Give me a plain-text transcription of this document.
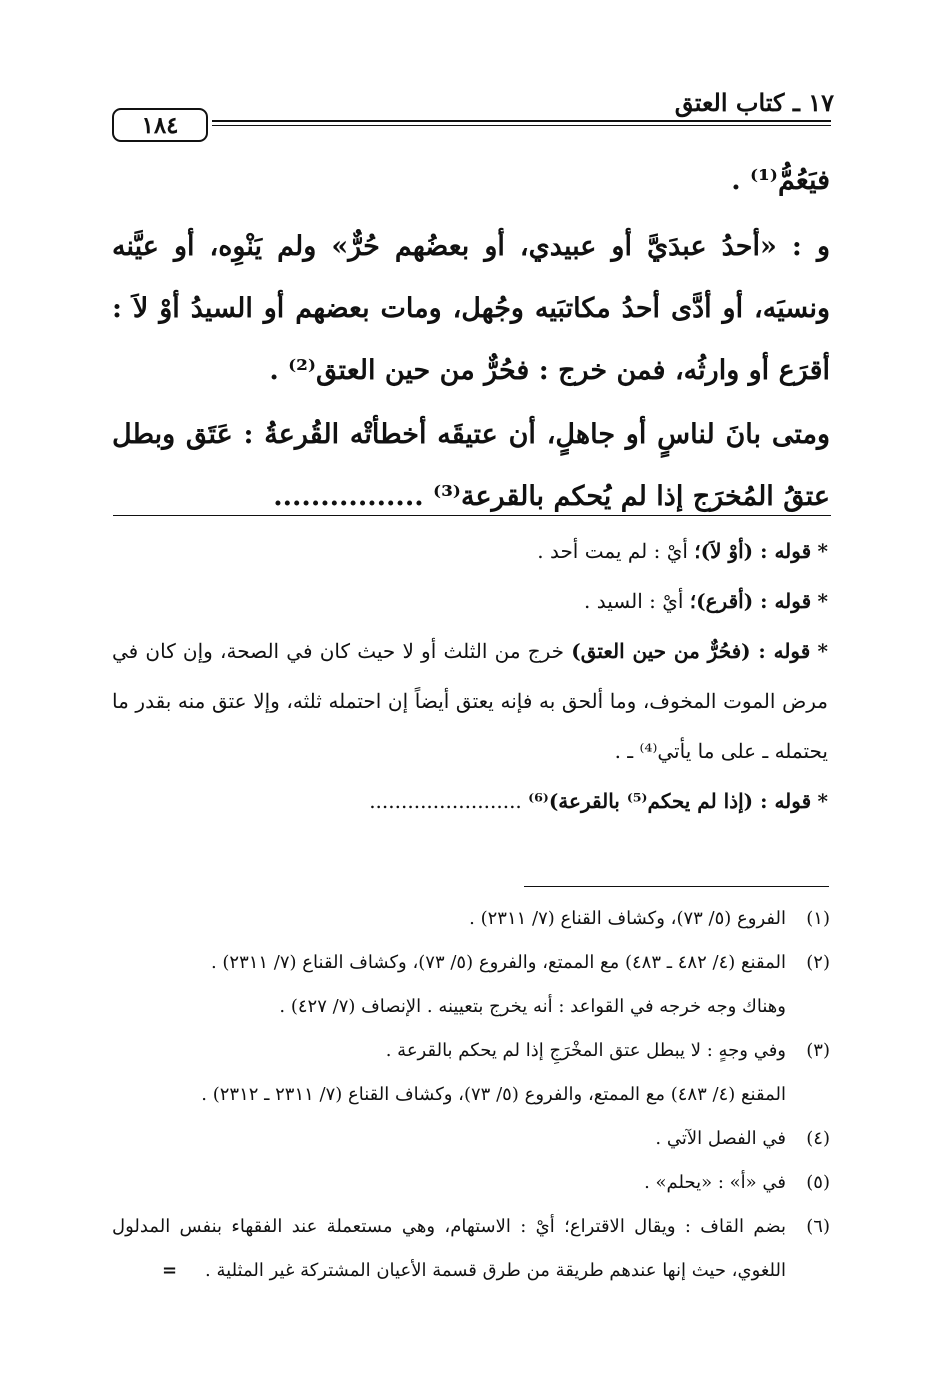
١٧ ـ كتاب العتق
١٨٤

فيَعُمُّ⁽¹⁾ .

و : «أحدُ عبدَيَّ أو عبيدي، أو بعضُهم حُرٌّ» ولم يَنْوِه، أو عيَّنه ونسيَه، أو أدَّى أحدُ مكاتبَيه وجُهل، ومات بعضهم أو السيدُ أوْ لاَ : أقرَع أو وارثُه، فمن خرج : فحُرٌّ من حين العتق⁽²⁾ .

ومتى بانَ لناسٍ أو جاهلٍ، أن عتيقَه أخطأتْه القُرعةُ : عَتَق وبطل عتقُ المُخرَج إذا لم يُحكم بالقرعة⁽³⁾ ................

* قوله : (أوْ لاَ)؛ أيْ : لم يمت أحد .

* قوله : (أقرع)؛ أيْ : السيد .

* قوله : (فحُرٌّ من حين العتق) خرج من الثلث أو لا حيث كان في الصحة، وإن كان في مرض الموت المخوف، وما ألحق به فإنه يعتق أيضاً إن احتمله ثلثه، وإلا عتق منه بقدر ما يحتمله ـ على ما يأتي⁽⁴⁾ ـ .

* قوله : (إذا لم يحكم⁽⁵⁾ بالقرعة)⁽⁶⁾ ........................

(١)
الفروع (٥/ ٧٣)، وكشاف القناع (٧/ ٢٣١١) .
(٢)
المقنع (٤/ ٤٨٢ ـ ٤٨٣) مع الممتع، والفروع (٥/ ٧٣)، وكشاف القناع (٧/ ٢٣١١) .
وهناك وجه خرجه في القواعد : أنه يخرج بتعيينه . الإنصاف (٧/ ٤٢٧) .
(٣)
وفي وجهٍ : لا يبطل عتق المخْرَجِ إذا لم يحكم بالقرعة .
المقنع (٤/ ٤٨٣) مع الممتع، والفروع (٥/ ٧٣)، وكشاف القناع (٧/ ٢٣١١ ـ ٢٣١٢) .
(٤)
في الفصل الآتي .
(٥)
في «أ» : «يحلم» .
(٦)
بضم القاف : ويقال الاقتراع؛ أيْ : الاستهام، وهي مستعملة عند الفقهاء بنفس المدلول اللغوي، حيث إنها عندهم طريقة من طرق قسمة الأعيان المشتركة غير المثلية .=
